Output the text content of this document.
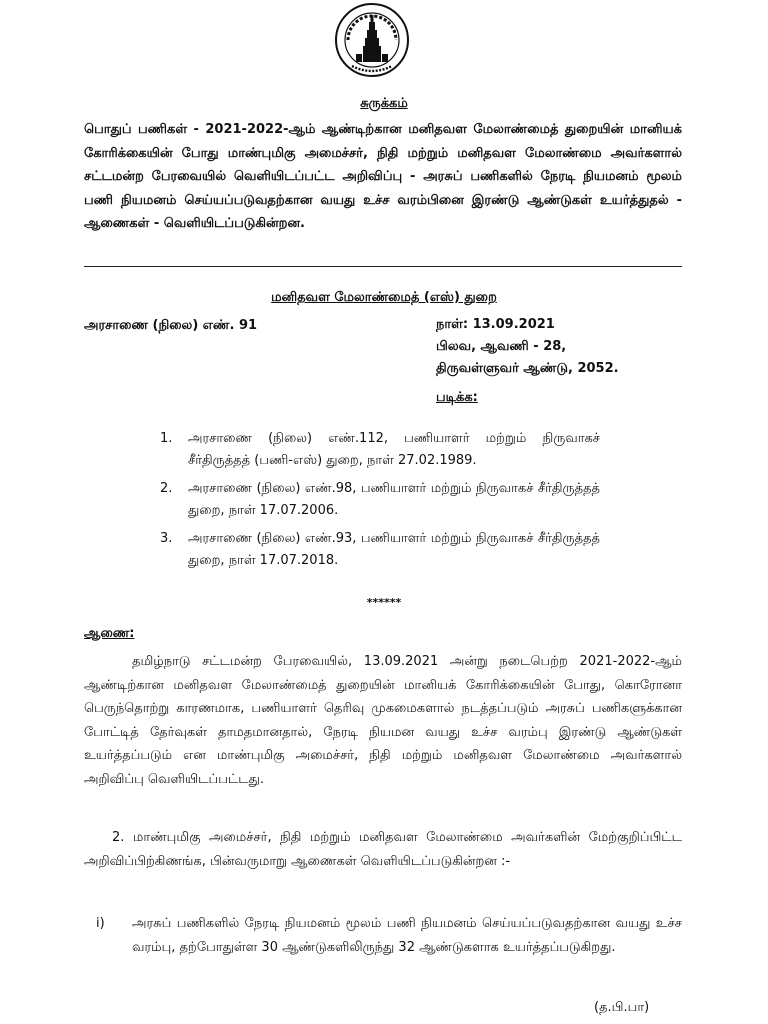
சுருக்கம்
பொதுப் பணிகள் - 2021-2022-ஆம் ஆண்டிற்கான மனிதவள மேலாண்மைத் துறையின் மானியக் கோரிக்கையின் போது மாண்புமிகு அமைச்சர், நிதி மற்றும் மனிதவள மேலாண்மை அவர்களால் சட்டமன்ற பேரவையில் வெளியிடப்பட்ட அறிவிப்பு - அரசுப் பணிகளில் நேரடி நியமனம் மூலம் பணி நியமனம் செய்யப்படுவதற்கான வயது உச்ச வரம்பினை இரண்டு ஆண்டுகள் உயர்த்துதல் - ஆணைகள் - வெளியிடப்படுகின்றன.
மனிதவள மேலாண்மைத் (எஸ்) துறை
அரசாணை (நிலை) எண். 91	நாள்: 13.09.2021
பிலவ, ஆவணி - 28,
திருவள்ளுவர் ஆண்டு, 2052.
படிக்க:
1.	அரசாணை (நிலை) எண்.112, பணியாளர் மற்றும் நிருவாகச் சீர்திருத்தத் (பணி-எஸ்) துறை, நாள் 27.02.1989.
2.	அரசாணை (நிலை) எண்.98, பணியாளர் மற்றும் நிருவாகச் சீர்திருத்தத் துறை, நாள் 17.07.2006.
3.	அரசாணை (நிலை) எண்.93, பணியாளர் மற்றும் நிருவாகச் சீர்திருத்தத் துறை, நாள் 17.07.2018.
******
ஆணை:
தமிழ்நாடு சட்டமன்ற பேரவையில், 13.09.2021 அன்று நடைபெற்ற 2021-2022-ஆம் ஆண்டிற்கான மனிதவள மேலாண்மைத் துறையின் மானியக் கோரிக்கையின் போது, கொரோனா பெருந்தொற்று காரணமாக, பணியாளர் தெரிவு முகமைகளால் நடத்தப்படும் அரசுப் பணிகளுக்கான போட்டித் தேர்வுகள் தாமதமானதால், நேரடி நியமன வயது உச்ச வரம்பு இரண்டு ஆண்டுகள் உயர்த்தப்படும் என மாண்புமிகு அமைச்சர், நிதி மற்றும் மனிதவள மேலாண்மை அவர்களால் அறிவிப்பு வெளியிடப்பட்டது.
2. மாண்புமிகு அமைச்சர், நிதி மற்றும் மனிதவள மேலாண்மை அவர்களின் மேற்குறிப்பிட்ட அறிவிப்பிற்கிணங்க, பின்வருமாறு ஆணைகள் வெளியிடப்படுகின்றன :-
i)	அரசுப் பணிகளில் நேரடி நியமனம் மூலம் பணி நியமனம் செய்யப்படுவதற்கான வயது உச்ச வரம்பு, தற்போதுள்ள 30 ஆண்டுகளிலிருந்து 32 ஆண்டுகளாக உயர்த்தப்படுகிறது.
(த.பி.பா)
